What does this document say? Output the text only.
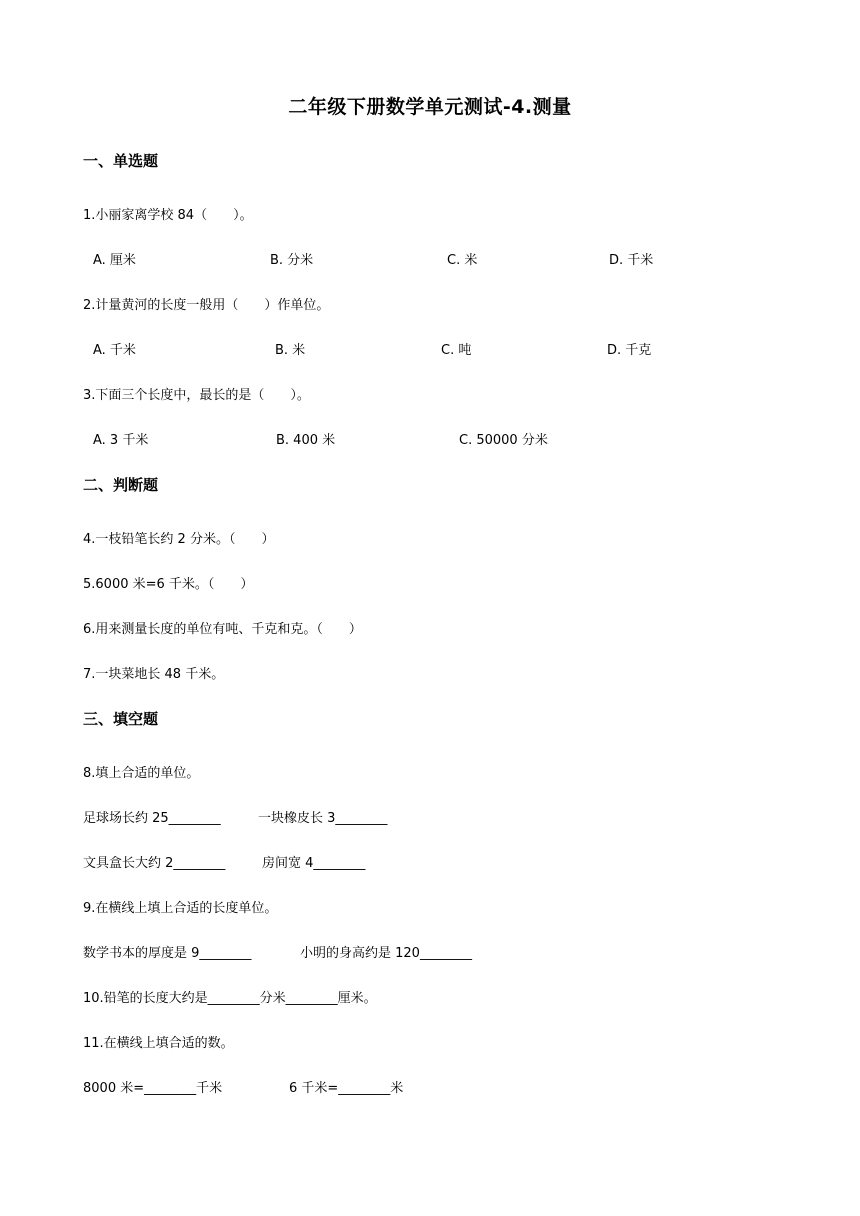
二年级下册数学单元测试-4.测量
一、单选题
1.小丽家离学校 84（　　）。
A. 厘米	B. 分米	C. 米	D. 千米
2.计量黄河的长度一般用（　　）作单位。
A. 千米	B. 米	C. 吨	D. 千克
3.下面三个长度中，最长的是（　　）。
A. 3 千米	B. 400 米	C. 50000 分米
二、判断题
4.一枝铅笔长约 2 分米。（　　）
5.6000 米=6 千米。（　　）
6.用来测量长度的单位有吨、千克和克。（　　）
7.一块菜地长 48 千米。
三、填空题
8.填上合适的单位。
足球场长约 25________	一块橡皮长 3________
文具盒长大约 2________	房间宽 4________
9.在横线上填上合适的长度单位。
数学书本的厚度是 9________	小明的身高约是 120________
10.铅笔的长度大约是________分米________厘米。
11.在横线上填合适的数。
8000 米=________千米	6 千米=________米
